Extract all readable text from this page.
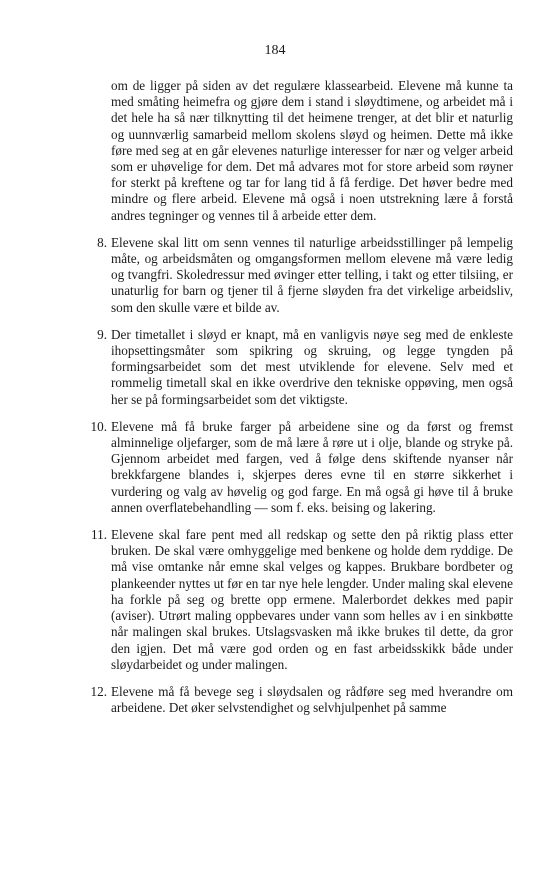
184

om de ligger på siden av det regulære klassearbeid. Elevene må kunne ta med småting heimefra og gjøre dem i stand i sløydtimene, og arbeidet må i det hele ha så nær tilknytting til det heimene trenger, at det blir et naturlig og uunnværlig samarbeid mellom skolens sløyd og heimen. Dette må ikke føre med seg at en går elevenes naturlige interesser for nær og velger arbeid som er uhøvelige for dem. Det må advares mot for store arbeid som røyner for sterkt på kreftene og tar for lang tid å få ferdige. Det høver bedre med mindre og flere arbeid. Elevene må også i noen utstrekning lære å forstå andres tegninger og vennes til å arbeide etter dem.

8. Elevene skal litt om senn vennes til naturlige arbeidsstillinger på lempelig måte, og arbeidsmåten og omgangsformen mellom elevene må være ledig og tvangfri. Skoledressur med øvinger etter telling, i takt og etter tilsiing, er unaturlig for barn og tjener til å fjerne sløyden fra det virkelige arbeidsliv, som den skulle være et bilde av.

9. Der timetallet i sløyd er knapt, må en vanligvis nøye seg med de enkleste ihopsettingsmåter som spikring og skruing, og legge tyngden på formingsarbeidet som det mest utviklende for elevene. Selv med et rommelig timetall skal en ikke overdrive den tekniske oppøving, men også her se på formingsarbeidet som det viktigste.

10. Elevene må få bruke farger på arbeidene sine og da først og fremst alminnelige oljefarger, som de må lære å røre ut i olje, blande og stryke på. Gjennom arbeidet med fargen, ved å følge dens skiftende nyanser når brekkfargene blandes i, skjerpes deres evne til en større sikkerhet i vurdering og valg av høvelig og god farge. En må også gi høve til å bruke annen overflatebehandling — som f. eks. beising og lakering.

11. Elevene skal fare pent med all redskap og sette den på riktig plass etter bruken. De skal være omhyggelige med benkene og holde dem ryddige. De må vise omtanke når emne skal velges og kappes. Brukbare bordbeter og plankeender nyttes ut før en tar nye hele lengder. Under maling skal elevene ha forkle på seg og brette opp ermene. Malerbordet dekkes med papir (aviser). Utrørt maling oppbevares under vann som helles av i en sinkbøtte når malingen skal brukes. Utslagsvasken må ikke brukes til dette, da gror den igjen. Det må være god orden og en fast arbeidsskikk både under sløydarbeidet og under malingen.

12. Elevene må få bevege seg i sløydsalen og rådføre seg med hverandre om arbeidene. Det øker selvstendighet og selvhjulpenhet på samme
